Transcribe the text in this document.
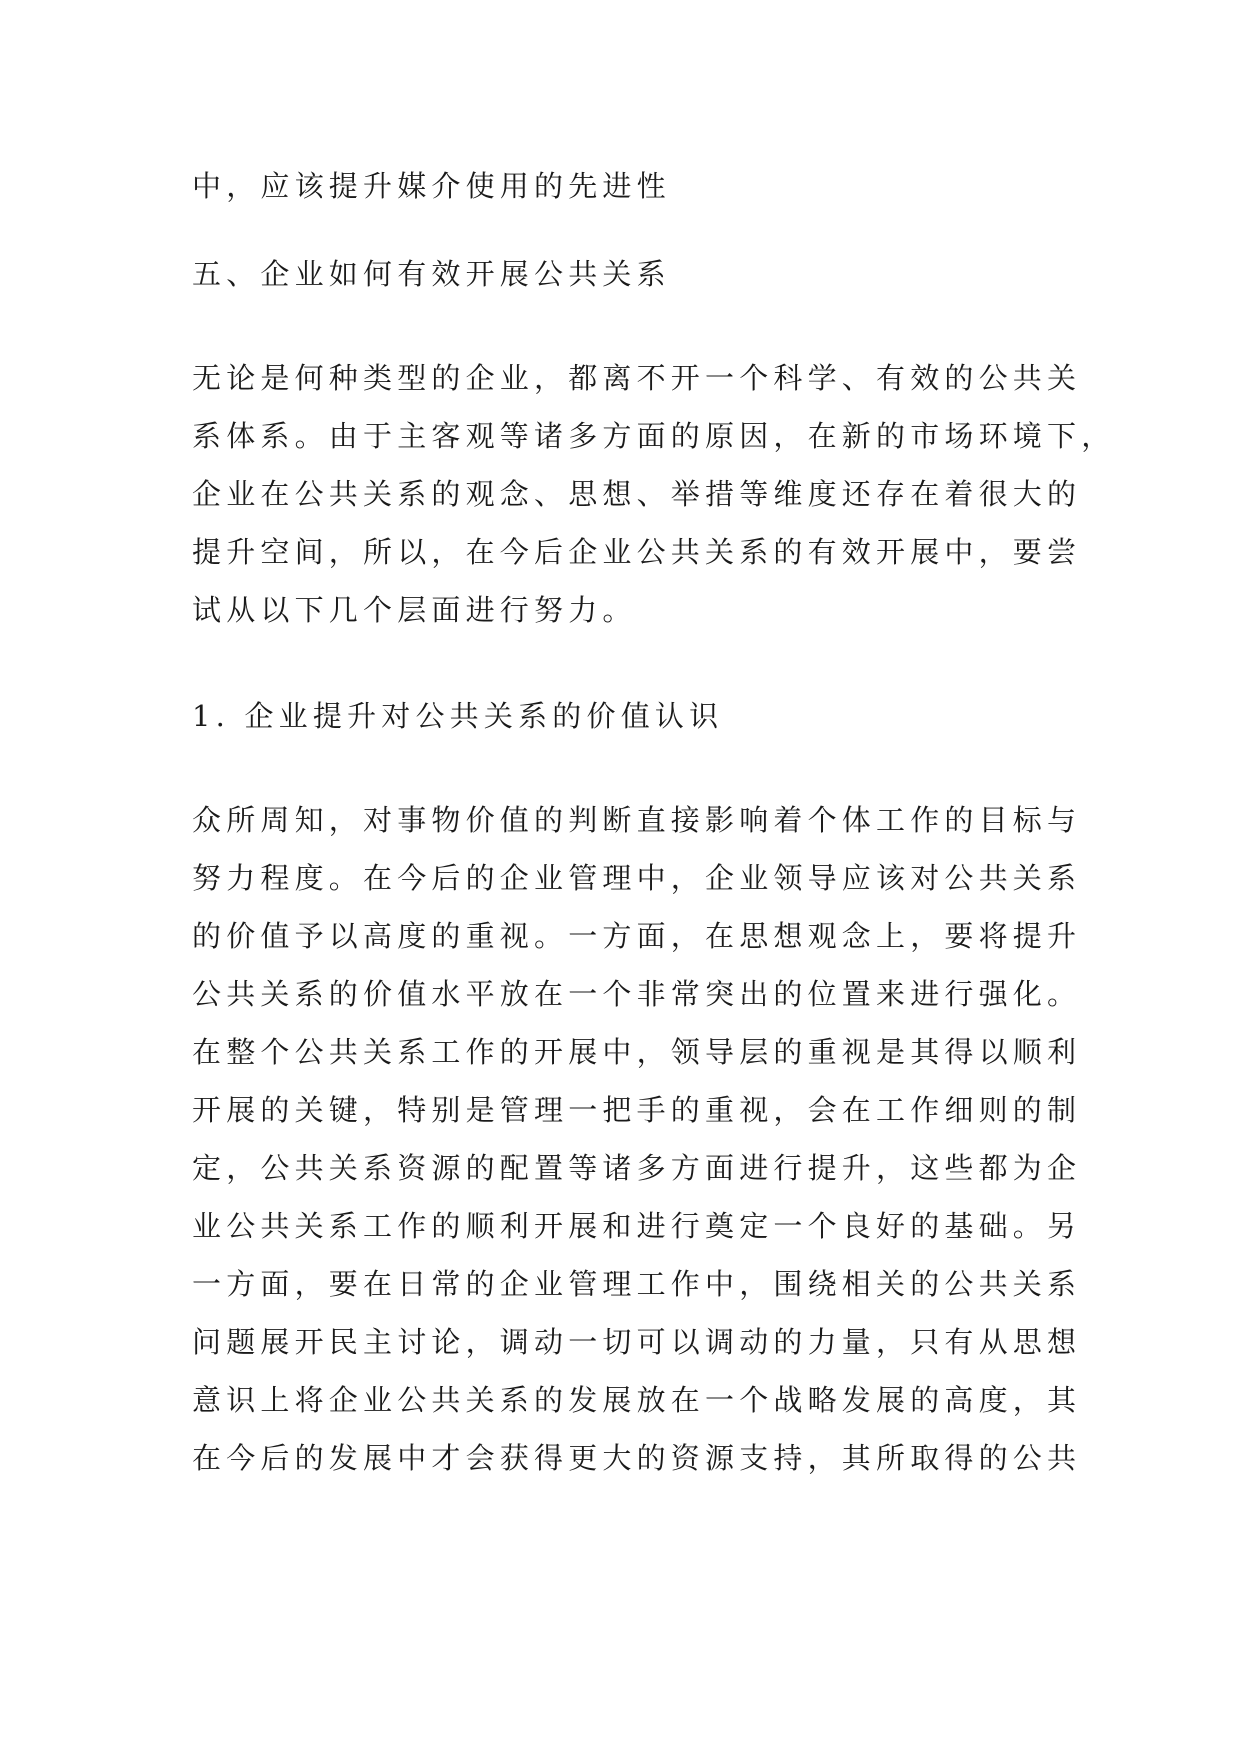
中，应该提升媒介使用的先进性
五、企业如何有效开展公共关系
无论是何种类型的企业，都离不开一个科学、有效的公共关
系体系。由于主客观等诸多方面的原因，在新的市场环境下，
企业在公共关系的观念、思想、举措等维度还存在着很大的
提升空间，所以，在今后企业公共关系的有效开展中，要尝
试从以下几个层面进行努力。
1. 企业提升对公共关系的价值认识
众所周知，对事物价值的判断直接影响着个体工作的目标与
努力程度。在今后的企业管理中，企业领导应该对公共关系
的价值予以高度的重视。一方面，在思想观念上，要将提升
公共关系的价值水平放在一个非常突出的位置来进行强化。
在整个公共关系工作的开展中，领导层的重视是其得以顺利
开展的关键，特别是管理一把手的重视，会在工作细则的制
定，公共关系资源的配置等诸多方面进行提升，这些都为企
业公共关系工作的顺利开展和进行奠定一个良好的基础。另
一方面，要在日常的企业管理工作中，围绕相关的公共关系
问题展开民主讨论，调动一切可以调动的力量，只有从思想
意识上将企业公共关系的发展放在一个战略发展的高度，其
在今后的发展中才会获得更大的资源支持，其所取得的公共
